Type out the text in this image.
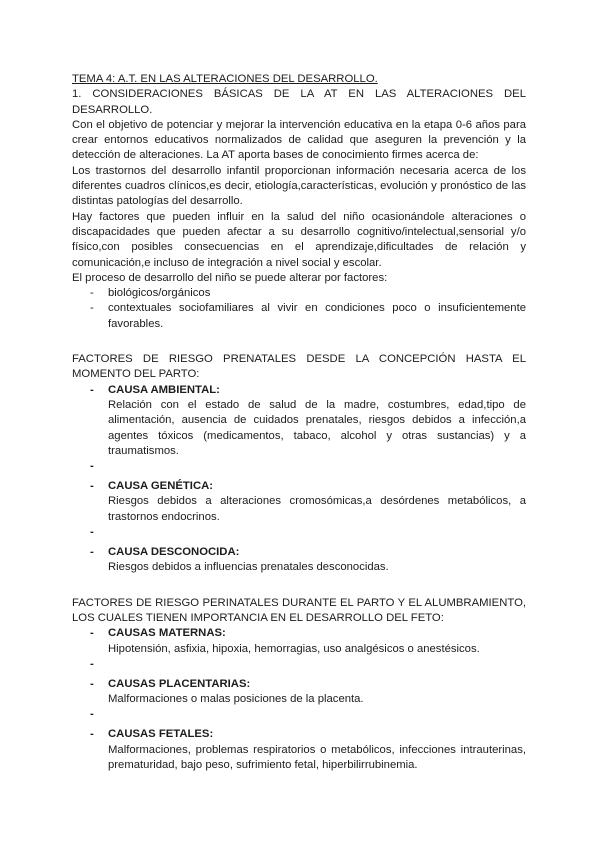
TEMA 4: A.T. EN LAS ALTERACIONES DEL DESARROLLO.

1. CONSIDERACIONES BÁSICAS DE LA AT EN LAS ALTERACIONES DEL DESARROLLO.

Con el objetivo de potenciar y mejorar la intervención educativa en la etapa 0-6 años para crear entornos educativos normalizados de calidad que aseguren la prevención y la detección de alteraciones. La AT aporta bases de conocimiento firmes acerca de:

Los trastornos del desarrollo infantil proporcionan información necesaria acerca de los diferentes cuadros clínicos,es decir, etiología,características, evolución y pronóstico de las distintas patologías del desarrollo.

Hay factores que pueden influir en la salud del niño ocasionándole alteraciones o discapacidades que pueden afectar a su desarrollo cognitivo/intelectual,sensorial y/o físico,con posibles consecuencias en el aprendizaje,dificultades de relación y comunicación,e incluso de integración a nivel social y escolar.

El proceso de desarrollo del niño se puede alterar por factores:

- biológicos/orgánicos
- contextuales sociofamiliares al vivir en condiciones poco o insuficientemente favorables.

FACTORES DE RIESGO PRENATALES DESDE LA CONCEPCIÓN HASTA EL MOMENTO DEL PARTO:

- CAUSA AMBIENTAL:
Relación con el estado de salud de la madre, costumbres, edad,tipo de alimentación, ausencia de cuidados prenatales, riesgos debidos a infección,a agentes tóxicos (medicamentos, tabaco, alcohol y otras sustancias) y a traumatismos.
-
- CAUSA GENÉTICA:
Riesgos debidos a alteraciones cromosómicas,a desórdenes metabólicos, a trastornos endocrinos.
-
- CAUSA DESCONOCIDA:
Riesgos debidos a influencias prenatales desconocidas.

FACTORES DE RIESGO PERINATALES DURANTE EL PARTO Y EL ALUMBRAMIENTO, LOS CUALES TIENEN IMPORTANCIA EN EL DESARROLLO DEL FETO:

- CAUSAS MATERNAS:
Hipotensión, asfixia, hipoxia, hemorragias, uso analgésicos o anestésicos.
-
- CAUSAS PLACENTARIAS:
Malformaciones o malas posiciones de la placenta.
-
- CAUSAS FETALES:
Malformaciones, problemas respiratorios o metabólicos, infecciones intrauterinas, prematuridad, bajo peso, sufrimiento fetal, hiperbilirrubinemia.
